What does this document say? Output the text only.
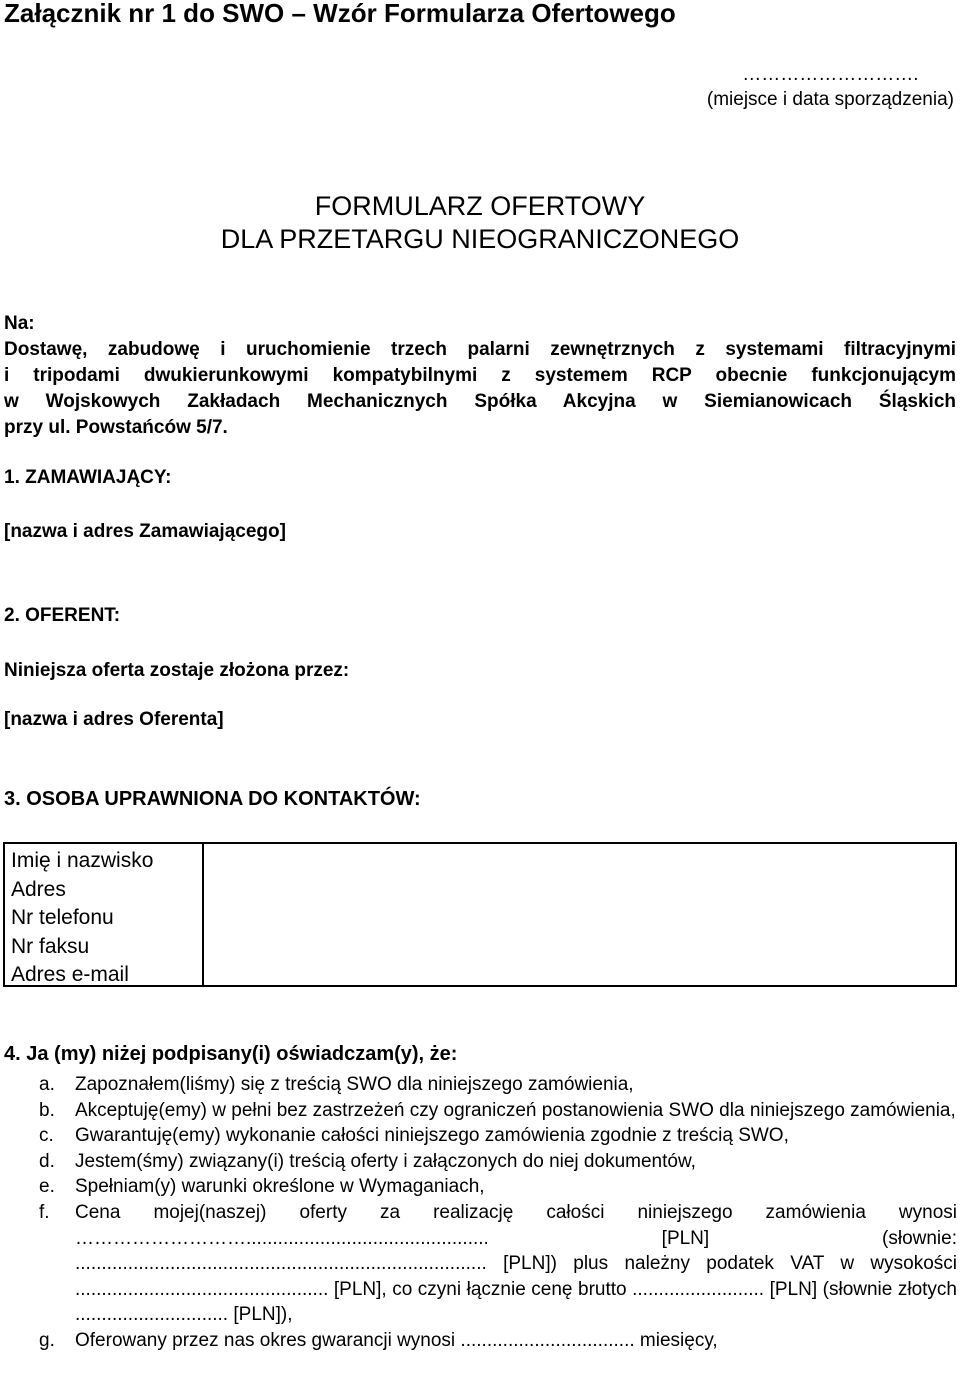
Załącznik nr 1 do SWO – Wzór Formularza Ofertowego
……………………….
(miejsce i data sporządzenia)
FORMULARZ OFERTOWY
DLA PRZETARGU NIEOGRANICZONEGO
Na:
Dostawę, zabudowę i uruchomienie trzech palarni zewnętrznych z systemami filtracyjnymi
i tripodami dwukierunkowymi kompatybilnymi z systemem RCP obecnie funkcjonującym
w Wojskowych Zakładach Mechanicznych Spółka Akcyjna w Siemianowicach Śląskich
przy ul. Powstańców 5/7.
1. ZAMAWIAJĄCY:
[nazwa i adres Zamawiającego]
2. OFERENT:
Niniejsza oferta zostaje złożona przez:
[nazwa i adres Oferenta]
3. OSOBA UPRAWNIONA DO KONTAKTÓW:
Imię i nazwisko
Adres
Nr telefonu
Nr faksu
Adres e-mail
4. Ja (my) niżej podpisany(i) oświadczam(y), że:
a. Zapoznałem(liśmy) się z treścią SWO dla niniejszego zamówienia,
b. Akceptuję(emy) w pełni bez zastrzeżeń czy ograniczeń postanowienia SWO dla niniejszego zamówienia,
c. Gwarantuję(emy) wykonanie całości niniejszego zamówienia zgodnie z treścią SWO,
d. Jestem(śmy) związany(i) treścią oferty i załączonych do niej dokumentów,
e. Spełniam(y) warunki określone w Wymaganiach,
f. Cena mojej(naszej) oferty za realizację całości niniejszego zamówienia wynosi ……………………….............................................. [PLN] (słownie: .............................................................................. [PLN]) plus należny podatek VAT w wysokości ................................................ [PLN], co czyni łącznie cenę brutto ......................... [PLN] (słownie złotych ............................. [PLN]),
g. Oferowany przez nas okres gwarancji wynosi ................................. miesięcy,
